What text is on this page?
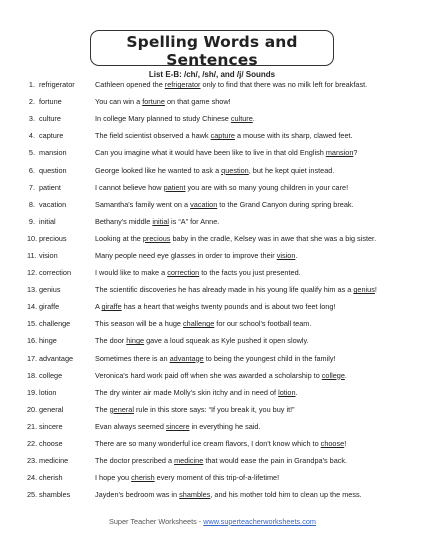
Spelling Words and Sentences
List E-B: /ch/, /sh/, and /j/ Sounds
1. refrigerator	Cathleen opened the refrigerator only to find that there was no milk left for breakfast.
2. fortune	You can win a fortune on that game show!
3. culture	In college Mary planned to study Chinese culture.
4. capture	The field scientist observed a hawk capture a mouse with its sharp, clawed feet.
5. mansion	Can you imagine what it would have been like to live in that old English mansion?
6. question	George looked like he wanted to ask a question, but he kept quiet instead.
7. patient	I cannot believe how patient you are with so many young children in your care!
8. vacation	Samantha's family went on a vacation to the Grand Canyon during spring break.
9. initial	Bethany's middle initial is “A” for Anne.
10. precious	Looking at the precious baby in the cradle, Kelsey was in awe that she was a big sister.
11. vision	Many people need eye glasses in order to improve their vision.
12. correction	I would like to make a correction to the facts you just presented.
13. genius	The scientific discoveries he has already made in his young life qualify him as a genius!
14. giraffe	A giraffe has a heart that weighs twenty pounds and is about two feet long!
15. challenge	This season will be a huge challenge for our school's football team.
16. hinge	The door hinge gave a loud squeak as Kyle pushed it open slowly.
17. advantage	Sometimes there is an advantage to being the youngest child in the family!
18. college	Veronica's hard work paid off when she was awarded a scholarship to college.
19. lotion	The dry winter air made Molly's skin itchy and in need of lotion.
20. general	The general rule in this store says: “If you break it, you buy it!”
21. sincere	Evan always seemed sincere in everything he said.
22. choose	There are so many wonderful ice cream flavors, I don't know which to choose!
23. medicine	The doctor prescribed a medicine that would ease the pain in Grandpa's back.
24. cherish	I hope you cherish every moment of this trip-of-a-lifetime!
25. shambles	Jayden's bedroom was in shambles, and his mother told him to clean up the mess.
Super Teacher Worksheets - www.superteacherworksheets.com
